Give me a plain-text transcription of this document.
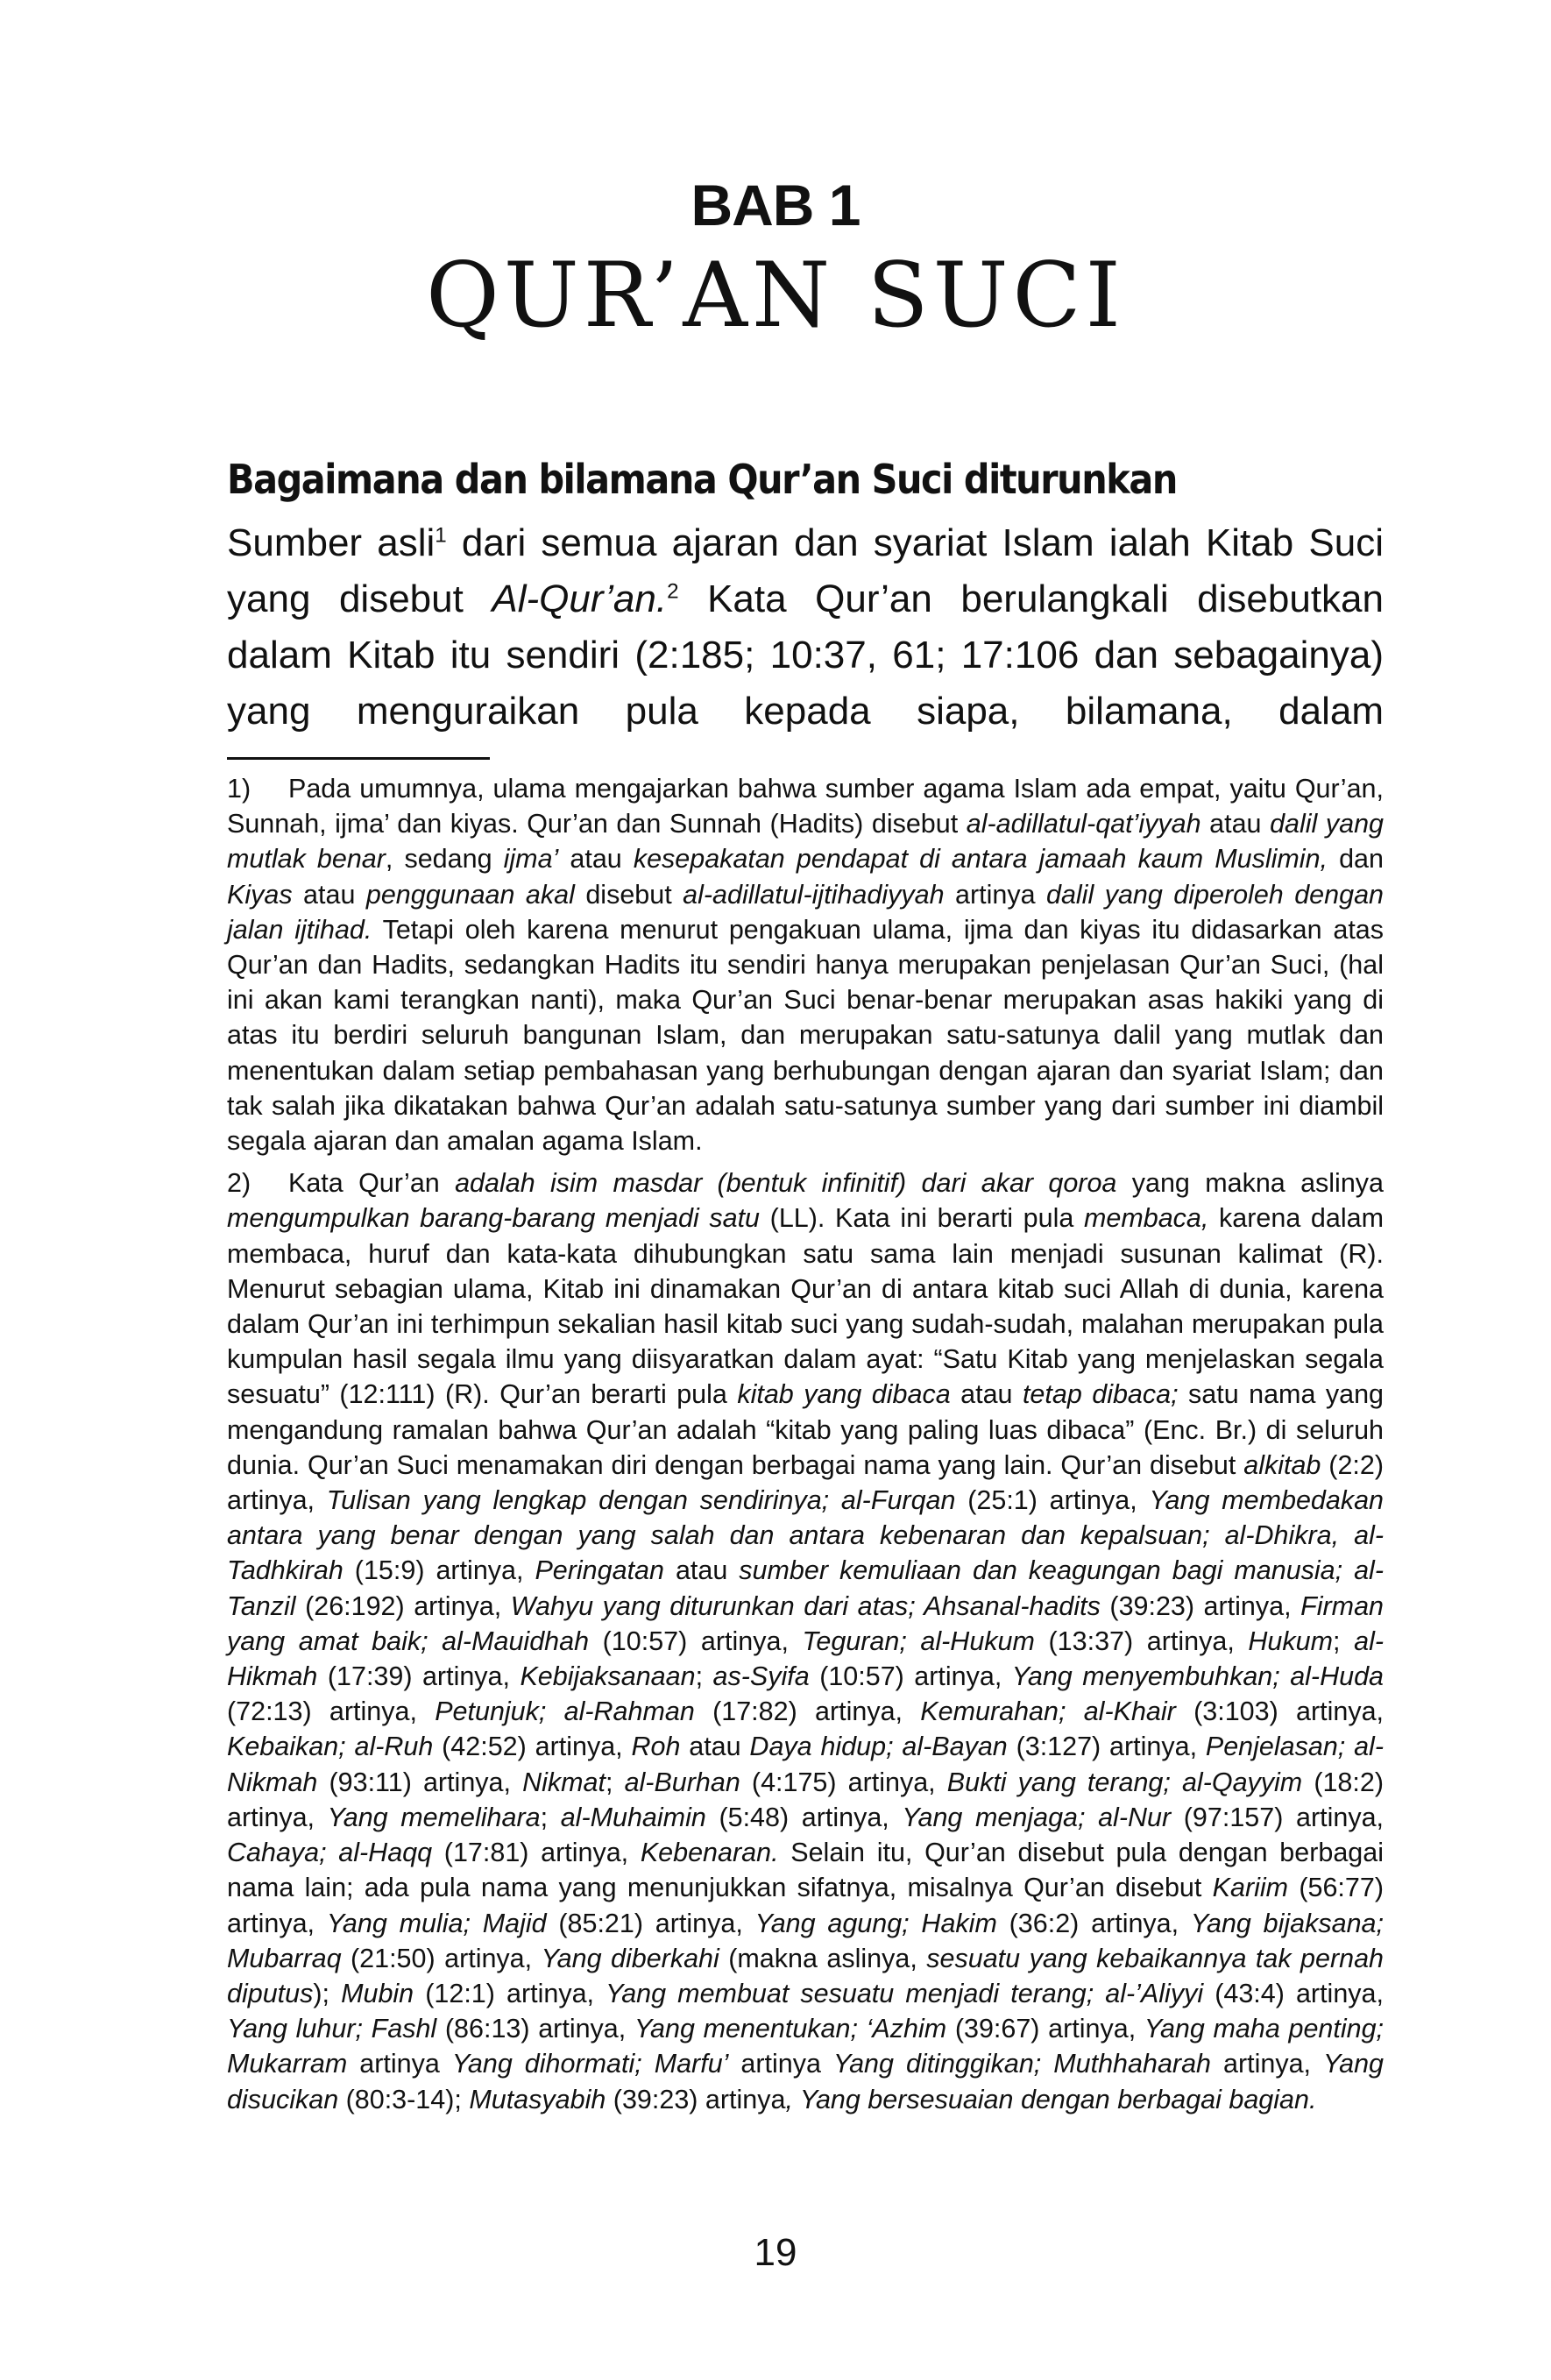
BAB 1
QUR’AN SUCI
Bagaimana dan bilamana Qur’an Suci diturunkan

Sumber asli$^1$ dari semua ajaran dan syariat Islam ialah Kitab Suci yang disebut Al-Qur’an.$^2$ Kata Qur’an berulangkali disebutkan dalam Kitab itu sendiri (2:185; 10:37, 61; 17:106 dan sebagainya) yang menguraikan pula kepada siapa, bilamana, dalam

1) Pada umumnya, ulama mengajarkan bahwa sumber agama Islam ada empat, yaitu Qur’an, Sunnah, ijma’ dan kiyas. Qur’an dan Sunnah (Hadits) disebut al-adillatul-qat’iyyah atau dalil yang mutlak benar, sedang ijma’ atau kesepakatan pendapat di antara jamaah kaum Muslimin, dan Kiyas atau penggunaan akal disebut al-adillatul-ijtihadiyyah artinya dalil yang diperoleh dengan jalan ijtihad. Tetapi oleh karena menurut pengakuan ulama, ijma dan kiyas itu didasarkan atas Qur’an dan Hadits, sedangkan Hadits itu sendiri hanya merupakan penjelasan Qur’an Suci, (hal ini akan kami terangkan nanti), maka Qur’an Suci benar-benar merupakan asas hakiki yang di atas itu berdiri seluruh bangunan Islam, dan merupakan satu-satunya dalil yang mutlak dan menentukan dalam setiap pembahasan yang berhubungan dengan ajaran dan syariat Islam; dan tak salah jika dikatakan bahwa Qur’an adalah satu-satunya sumber yang dari sumber ini diambil segala ajaran dan amalan agama Islam.

2) Kata Qur’an adalah isim masdar (bentuk infinitif) dari akar qoroa yang makna aslinya mengumpulkan barang-barang menjadi satu (LL). Kata ini berarti pula membaca, karena dalam membaca, huruf dan kata-kata dihubungkan satu sama lain menjadi susunan kalimat (R). Menurut sebagian ulama, Kitab ini dinamakan Qur’an di antara kitab suci Allah di dunia, karena dalam Qur’an ini terhimpun sekalian hasil kitab suci yang sudah-sudah, malahan merupakan pula kumpulan hasil segala ilmu yang diisyaratkan dalam ayat: “Satu Kitab yang menjelaskan segala sesuatu” (12:111) (R). Qur’an berarti pula kitab yang dibaca atau tetap dibaca; satu nama yang mengandung ramalan bahwa Qur’an adalah “kitab yang paling luas dibaca” (Enc. Br.) di seluruh dunia. Qur’an Suci menamakan diri dengan berbagai nama yang lain. Qur’an disebut alkitab (2:2) artinya, Tulisan yang lengkap dengan sendirinya; al-Furqan (25:1) artinya, Yang membedakan antara yang benar dengan yang salah dan antara kebenaran dan kepalsuan; al-Dhikra, al-Tadhkirah (15:9) artinya, Peringatan atau sumber kemuliaan dan keagungan bagi manusia; al-Tanzil (26:192) artinya, Wahyu yang diturunkan dari atas; Ahsanal-hadits (39:23) artinya, Firman yang amat baik; al-Mauidhah (10:57) artinya, Teguran; al-Hukum (13:37) artinya, Hukum; al-Hikmah (17:39) artinya, Kebijaksanaan; as-Syifa (10:57) artinya, Yang menyembuhkan; al-Huda (72:13) artinya, Petunjuk; al-Rahman (17:82) artinya, Kemurahan; al-Khair (3:103) artinya, Kebaikan; al-Ruh (42:52) artinya, Roh atau Daya hidup; al-Bayan (3:127) artinya, Penjelasan; al-Nikmah (93:11) artinya, Nikmat; al-Burhan (4:175) artinya, Bukti yang terang; al-Qayyim (18:2) artinya, Yang memelihara; al-Muhaimin (5:48) artinya, Yang menjaga; al-Nur (97:157) artinya, Cahaya; al-Haqq (17:81) artinya, Kebenaran. Selain itu, Qur’an disebut pula dengan berbagai nama lain; ada pula nama yang menunjukkan sifatnya, misalnya Qur’an disebut Kariim (56:77) artinya, Yang mulia; Majid (85:21) artinya, Yang agung; Hakim (36:2) artinya, Yang bijaksana; Mubarraq (21:50) artinya, Yang diberkahi (makna aslinya, sesuatu yang kebaikannya tak pernah diputus); Mubin (12:1) artinya, Yang membuat sesuatu menjadi terang; al-’Aliyyi (43:4) artinya, Yang luhur; Fashl (86:13) artinya, Yang menentukan; ‘Azhim (39:67) artinya, Yang maha penting; Mukarram artinya Yang dihormati; Marfu’ artinya Yang ditinggikan; Muthhaharah artinya, Yang disucikan (80:3-14); Mutasyabih (39:23) artinya, Yang bersesuaian dengan berbagai bagian.

19
